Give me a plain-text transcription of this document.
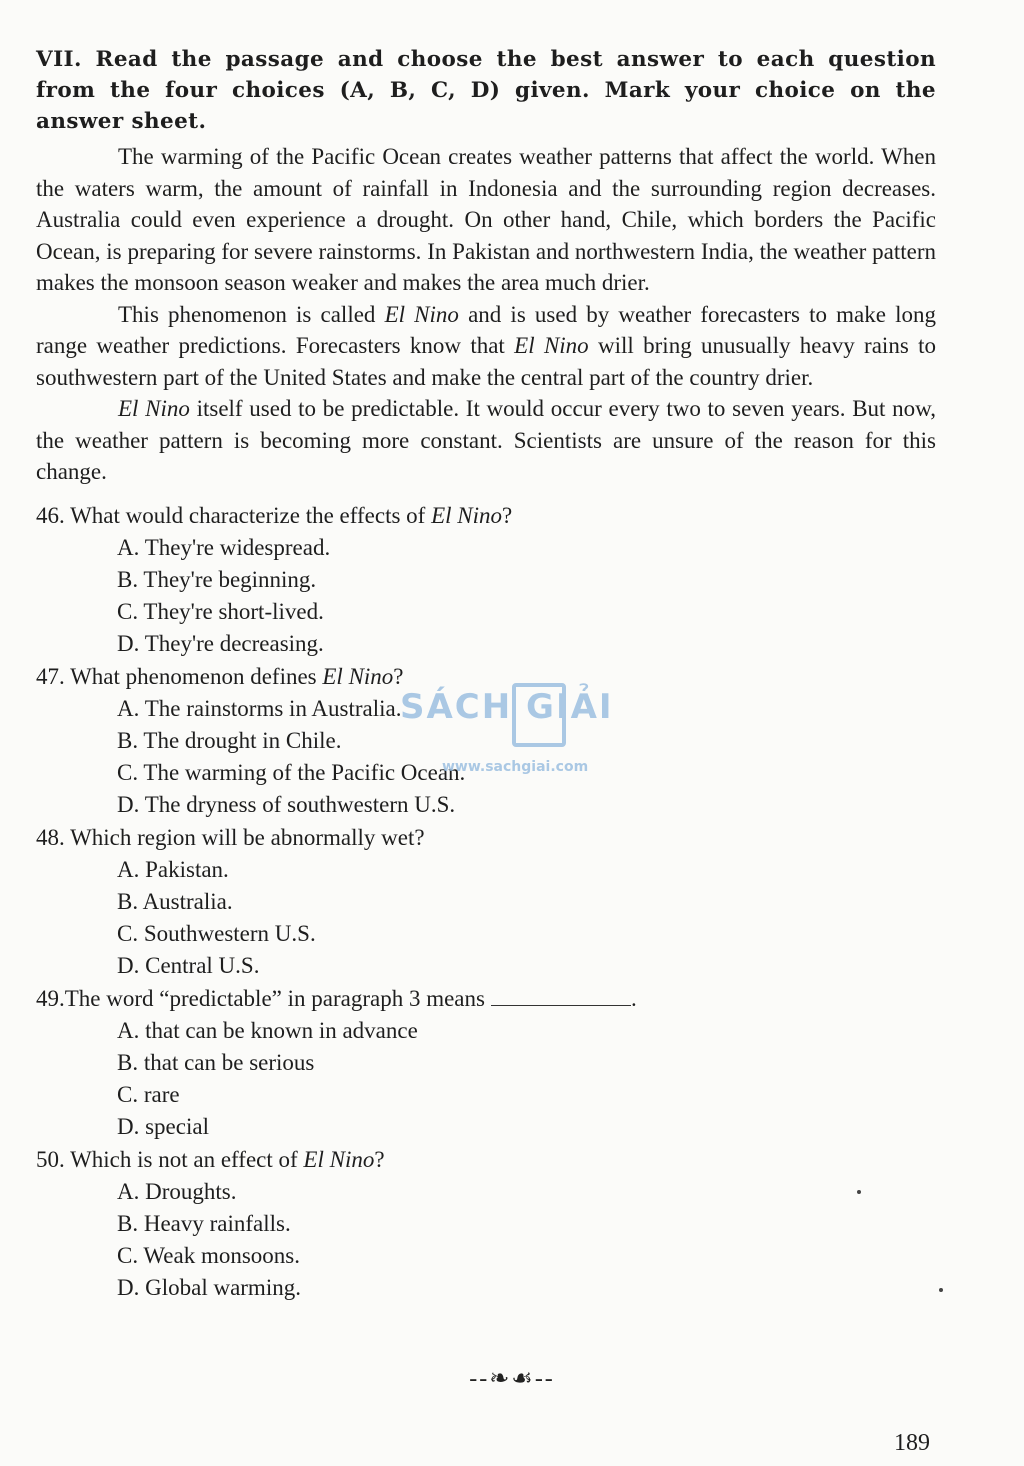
VII. Read the passage and choose the best answer to each question from the four choices (A, B, C, D) given. Mark your choice on the answer sheet.

The warming of the Pacific Ocean creates weather patterns that affect the world. When the waters warm, the amount of rainfall in Indonesia and the surrounding region decreases. Australia could even experience a drought. On other hand, Chile, which borders the Pacific Ocean, is preparing for severe rainstorms. In Pakistan and northwestern India, the weather pattern makes the monsoon season weaker and makes the area much drier.

This phenomenon is called El Nino and is used by weather forecasters to make long range weather predictions. Forecasters know that El Nino will bring unusually heavy rains to southwestern part of the United States and make the central part of the country drier.

El Nino itself used to be predictable. It would occur every two to seven years. But now, the weather pattern is becoming more constant. Scientists are unsure of the reason for this change.

46. What would characterize the effects of El Nino?

A. They're widespread.

B. They're beginning.

C. They're short-lived.

D. They're decreasing.

47. What phenomenon defines El Nino?

A. The rainstorms in Australia.

B. The drought in Chile.

C. The warming of the Pacific Ocean.

D. The dryness of southwestern U.S.

48. Which region will be abnormally wet?

A. Pakistan.

B. Australia.

C. Southwestern U.S.

D. Central U.S.

49.The word “predictable” in paragraph 3 means	.

A. that can be known in advance

B. that can be serious

C. rare

D. special

50. Which is not an effect of El Nino?

A. Droughts.

B. Heavy rainfalls.

C. Weak monsoons.

D. Global warming.

SÁCH GIẢI
www.sachgiai.com
--❧☙--
189
